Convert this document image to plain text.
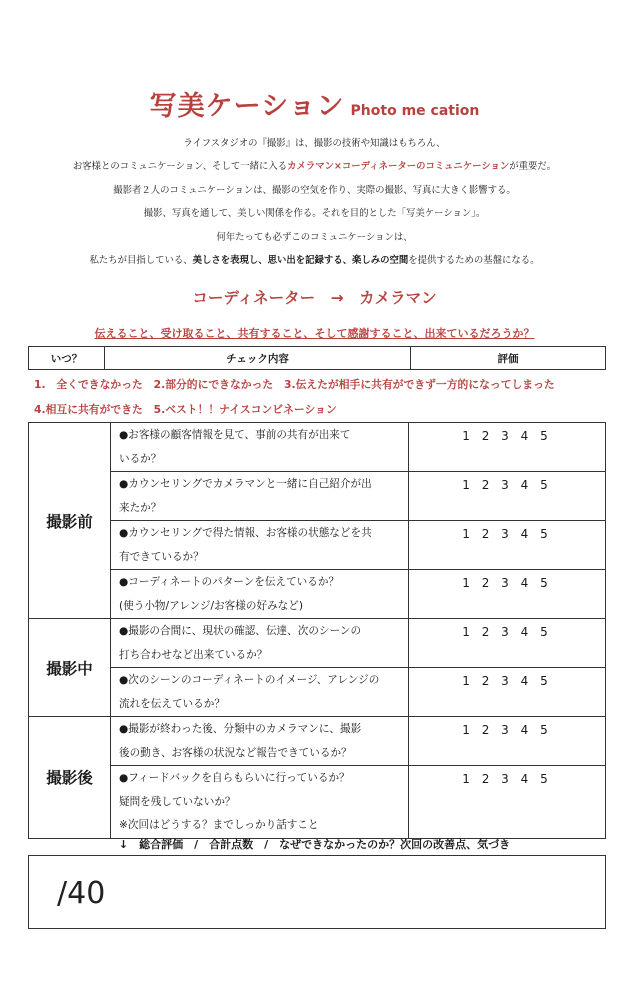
写美ケーション Photo me cation

ライフスタジオの『撮影』は、撮影の技術や知識はもちろん、

お客様とのコミュニケーション、そして一緒に入るカメラマン×コーディネーターのコミュニケーションが重要だ。

撮影者２人のコミュニケーションは、撮影の空気を作り、実際の撮影、写真に大きく影響する。

撮影、写真を通して、美しい関係を作る。それを目的とした「写美ケーション」。

何年たっても必ずこのコミュニケーションは、

私たちが目指している、美しさを表現し、思い出を記録する、楽しみの空間を提供するための基盤になる。

コーディネーター　→　カメラマン
伝えること、受け取ること、共有すること、そして感謝すること、出来ているだろうか？
いつ？	チェック内容	評価
1.　全くできなかった　2.部分的にできなかった　3.伝えたが相手に共有ができず一方的になってしまった
4.相互に共有ができた　5.ベスト！！ナイスコンビネーション
撮影前	●お客様の顧客情報を見て、事前の共有が出来て
いるか？	1 2 3 4 5

	●カウンセリングでカメラマンと一緒に自己紹介が出
来たか？	1 2 3 4 5

	●カウンセリングで得た情報、お客様の状態などを共
有できているか？	1 2 3 4 5

	●コーディネートのパターンを伝えているか？
(使う小物/アレンジ/お客様の好みなど)	1 2 3 4 5
撮影中	●撮影の合間に、現状の確認、伝達、次のシーンの
打ち合わせなど出来ているか？	1 2 3 4 5

	●次のシーンのコーディネートのイメージ、アレンジの
流れを伝えているか？	1 2 3 4 5
撮影後	●撮影が終わった後、分類中のカメラマンに、撮影
後の動き、お客様の状況など報告できているか？	1 2 3 4 5

	●フィードバックを自らもらいに行っているか？
疑問を残していないか？
※次回はどうする？までしっかり話すこと	1 2 3 4 5
↓　総合評価　/　合計点数　/　なぜできなかったのか？次回の改善点、気づき
/40
